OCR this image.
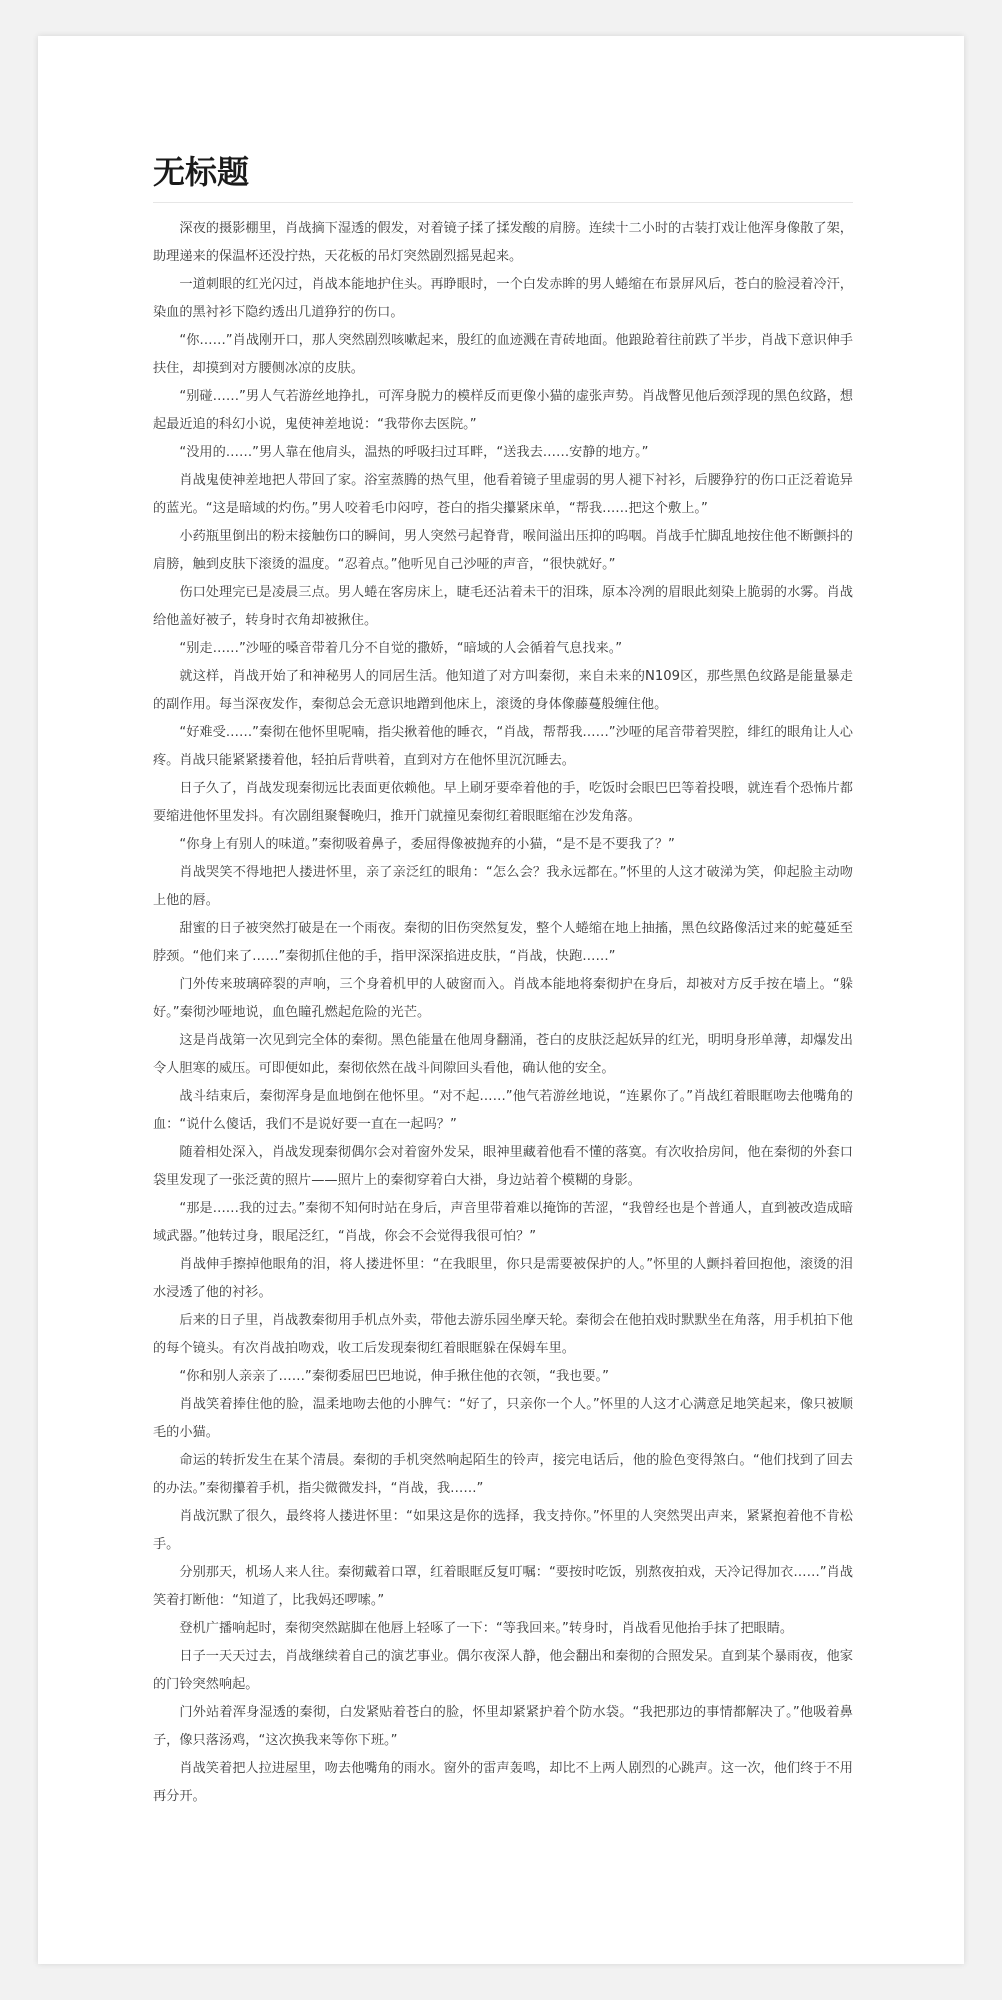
无标题

深夜的摄影棚里，肖战摘下湿透的假发，对着镜子揉了揉发酸的肩膀。连续十二小时的古装打戏让他浑身像散了架，助理递来的保温杯还没拧热，天花板的吊灯突然剧烈摇晃起来。

一道刺眼的红光闪过，肖战本能地护住头。再睁眼时，一个白发赤眸的男人蜷缩在布景屏风后，苍白的脸浸着冷汗，染血的黑衬衫下隐约透出几道狰狞的伤口。

“你……”肖战刚开口，那人突然剧烈咳嗽起来，殷红的血迹溅在青砖地面。他踉跄着往前跌了半步，肖战下意识伸手扶住，却摸到对方腰侧冰凉的皮肤。

“别碰……”男人气若游丝地挣扎，可浑身脱力的模样反而更像小猫的虚张声势。肖战瞥见他后颈浮现的黑色纹路，想起最近追的科幻小说，鬼使神差地说：“我带你去医院。”

“没用的……”男人靠在他肩头，温热的呼吸扫过耳畔，“送我去……安静的地方。”

肖战鬼使神差地把人带回了家。浴室蒸腾的热气里，他看着镜子里虚弱的男人褪下衬衫，后腰狰狞的伤口正泛着诡异的蓝光。“这是暗域的灼伤。”男人咬着毛巾闷哼，苍白的指尖攥紧床单，“帮我……把这个敷上。”

小药瓶里倒出的粉末接触伤口的瞬间，男人突然弓起脊背，喉间溢出压抑的呜咽。肖战手忙脚乱地按住他不断颤抖的肩膀，触到皮肤下滚烫的温度。“忍着点。”他听见自己沙哑的声音，“很快就好。”

伤口处理完已是凌晨三点。男人蜷在客房床上，睫毛还沾着未干的泪珠，原本冷冽的眉眼此刻染上脆弱的水雾。肖战给他盖好被子，转身时衣角却被揪住。

“别走……”沙哑的嗓音带着几分不自觉的撒娇，“暗域的人会循着气息找来。”

就这样，肖战开始了和神秘男人的同居生活。他知道了对方叫秦彻，来自未来的N109区，那些黑色纹路是能量暴走的副作用。每当深夜发作，秦彻总会无意识地蹭到他床上，滚烫的身体像藤蔓般缠住他。

“好难受……”秦彻在他怀里呢喃，指尖揪着他的睡衣，“肖战，帮帮我……”沙哑的尾音带着哭腔，绯红的眼角让人心疼。肖战只能紧紧搂着他，轻拍后背哄着，直到对方在他怀里沉沉睡去。

日子久了，肖战发现秦彻远比表面更依赖他。早上刷牙要牵着他的手，吃饭时会眼巴巴等着投喂，就连看个恐怖片都要缩进他怀里发抖。有次剧组聚餐晚归，推开门就撞见秦彻红着眼眶缩在沙发角落。

“你身上有别人的味道。”秦彻吸着鼻子，委屈得像被抛弃的小猫，“是不是不要我了？”

肖战哭笑不得地把人搂进怀里，亲了亲泛红的眼角：“怎么会？我永远都在。”怀里的人这才破涕为笑，仰起脸主动吻上他的唇。

甜蜜的日子被突然打破是在一个雨夜。秦彻的旧伤突然复发，整个人蜷缩在地上抽搐，黑色纹路像活过来的蛇蔓延至脖颈。“他们来了……”秦彻抓住他的手，指甲深深掐进皮肤，“肖战，快跑……”

门外传来玻璃碎裂的声响，三个身着机甲的人破窗而入。肖战本能地将秦彻护在身后，却被对方反手按在墙上。“躲好。”秦彻沙哑地说，血色瞳孔燃起危险的光芒。

这是肖战第一次见到完全体的秦彻。黑色能量在他周身翻涌，苍白的皮肤泛起妖异的红光，明明身形单薄，却爆发出令人胆寒的威压。可即便如此，秦彻依然在战斗间隙回头看他，确认他的安全。

战斗结束后，秦彻浑身是血地倒在他怀里。“对不起……”他气若游丝地说，“连累你了。”肖战红着眼眶吻去他嘴角的血：“说什么傻话，我们不是说好要一直在一起吗？”

随着相处深入，肖战发现秦彻偶尔会对着窗外发呆，眼神里藏着他看不懂的落寞。有次收拾房间，他在秦彻的外套口袋里发现了一张泛黄的照片——照片上的秦彻穿着白大褂，身边站着个模糊的身影。

“那是……我的过去。”秦彻不知何时站在身后，声音里带着难以掩饰的苦涩，“我曾经也是个普通人，直到被改造成暗域武器。”他转过身，眼尾泛红，“肖战，你会不会觉得我很可怕？”

肖战伸手擦掉他眼角的泪，将人搂进怀里：“在我眼里，你只是需要被保护的人。”怀里的人颤抖着回抱他，滚烫的泪水浸透了他的衬衫。

后来的日子里，肖战教秦彻用手机点外卖，带他去游乐园坐摩天轮。秦彻会在他拍戏时默默坐在角落，用手机拍下他的每个镜头。有次肖战拍吻戏，收工后发现秦彻红着眼眶躲在保姆车里。

“你和别人亲亲了……”秦彻委屈巴巴地说，伸手揪住他的衣领，“我也要。”

肖战笑着捧住他的脸，温柔地吻去他的小脾气：“好了，只亲你一个人。”怀里的人这才心满意足地笑起来，像只被顺毛的小猫。

命运的转折发生在某个清晨。秦彻的手机突然响起陌生的铃声，接完电话后，他的脸色变得煞白。“他们找到了回去的办法。”秦彻攥着手机，指尖微微发抖，“肖战，我……”

肖战沉默了很久，最终将人搂进怀里：“如果这是你的选择，我支持你。”怀里的人突然哭出声来，紧紧抱着他不肯松手。

分别那天，机场人来人往。秦彻戴着口罩，红着眼眶反复叮嘱：“要按时吃饭，别熬夜拍戏，天冷记得加衣……”肖战笑着打断他：“知道了，比我妈还啰嗦。”

登机广播响起时，秦彻突然踮脚在他唇上轻啄了一下：“等我回来。”转身时，肖战看见他抬手抹了把眼睛。

日子一天天过去，肖战继续着自己的演艺事业。偶尔夜深人静，他会翻出和秦彻的合照发呆。直到某个暴雨夜，他家的门铃突然响起。

门外站着浑身湿透的秦彻，白发紧贴着苍白的脸，怀里却紧紧护着个防水袋。“我把那边的事情都解决了。”他吸着鼻子，像只落汤鸡，“这次换我来等你下班。”

肖战笑着把人拉进屋里，吻去他嘴角的雨水。窗外的雷声轰鸣，却比不上两人剧烈的心跳声。这一次，他们终于不用再分开。
